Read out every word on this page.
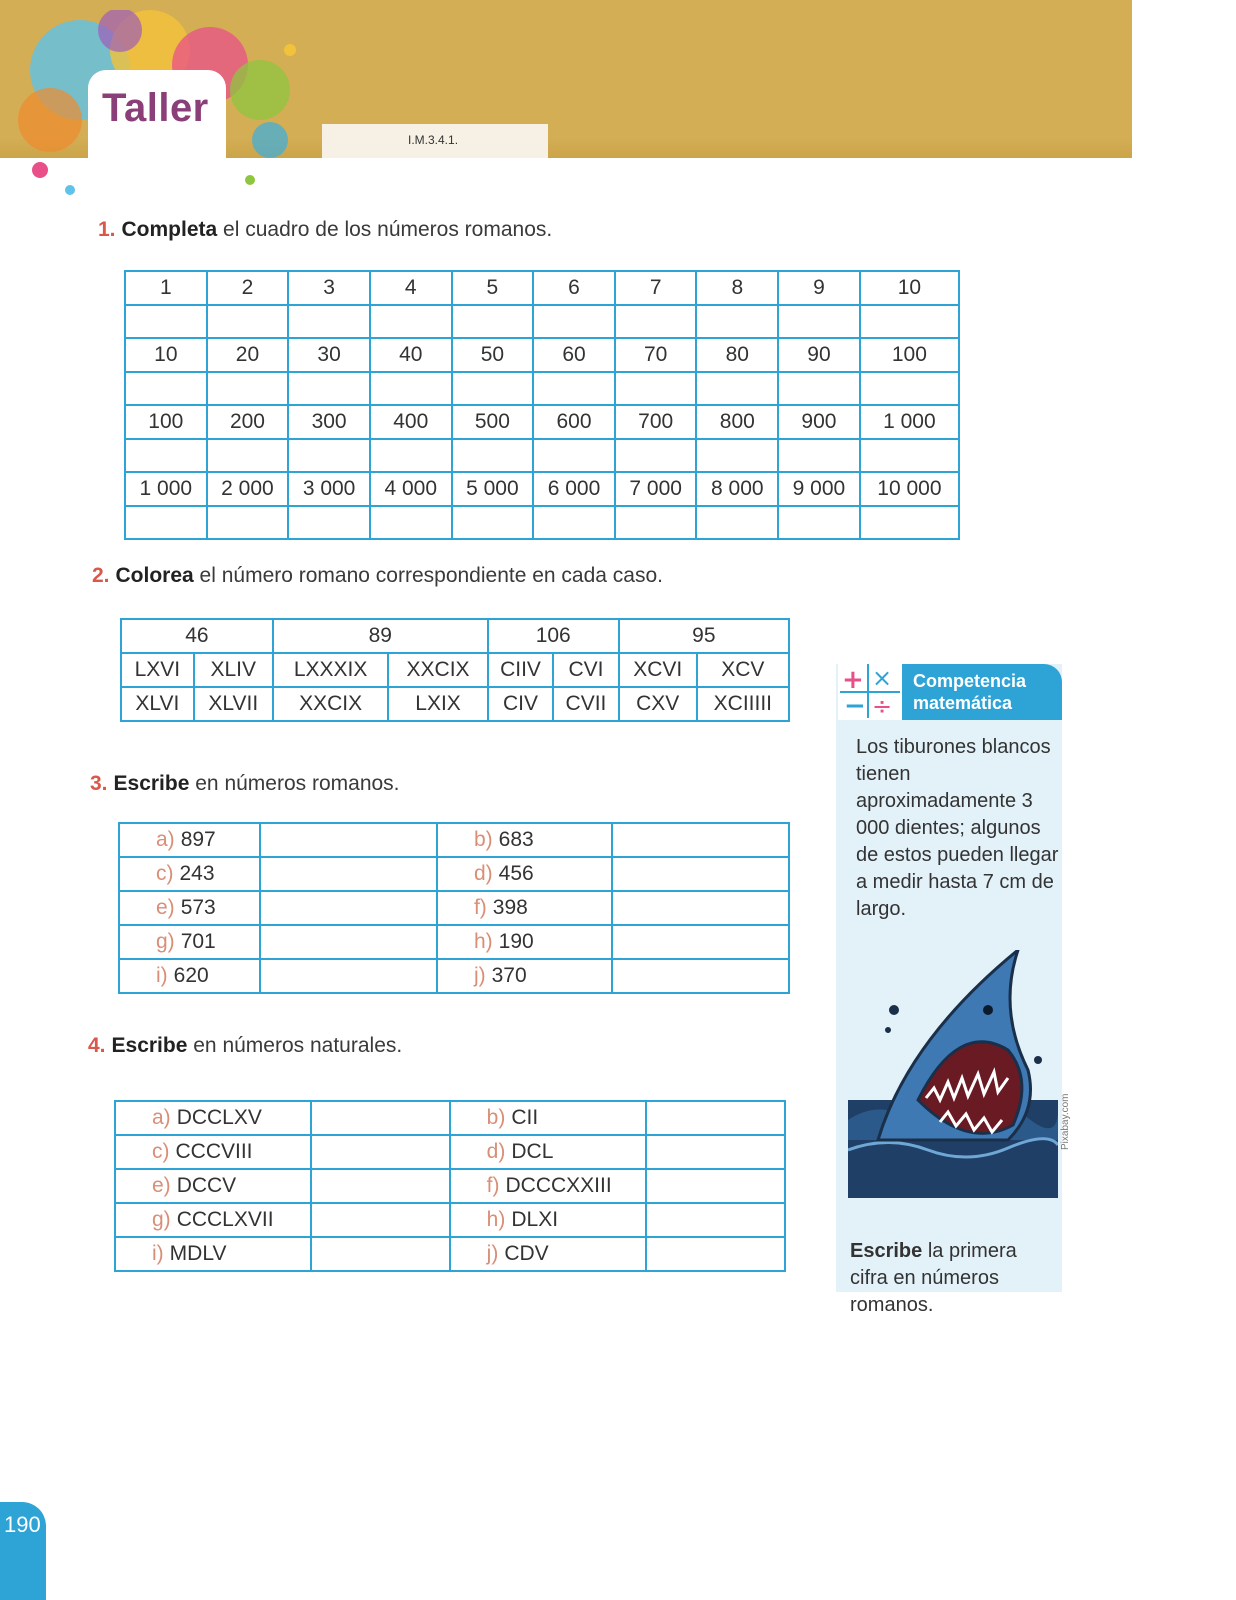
Taller
I.M.3.4.1.
1. Completa el cuadro de los números romanos.
1	2	3	4	5	6	7	8	9	10

10	20	30	40	50	60	70	80	90	100

100	200	300	400	500	600	700	800	900	1 000

1 000	2 000	3 000	4 000	5 000	6 000	7 000	8 000	9 000	10 000

2. Colorea el número romano correspondiente en cada caso.
46		89		106		95	
LXVI	XLIV	LXXXIX	XXCIX	CIIV	CVI	XCVI	XCV
XLVI	XLVII	XXCIX	LXIX	CIV	CVII	CXV	XCIIIII
3. Escribe en números romanos.
a) 897		b) 683	
c) 243		d) 456	
e) 573		f) 398	
g) 701		h) 190	
i) 620		j) 370	
4. Escribe en números naturales.
a) DCCLXV		b) CII	
c) CCCVIII		d) DCL	
e) DCCV		f) DCCCXXIII	
g) CCCLXVII		h) DLXI	
i) MDLV		j) CDV	
+ ×
− ÷
Competencia
matemática
Los tiburones blancos tienen aproximadamente 3 000 dientes; algunos de estos pueden llegar a medir hasta 7 cm de largo.
Pixabay.com
Escribe la primera cifra en números romanos.
190
